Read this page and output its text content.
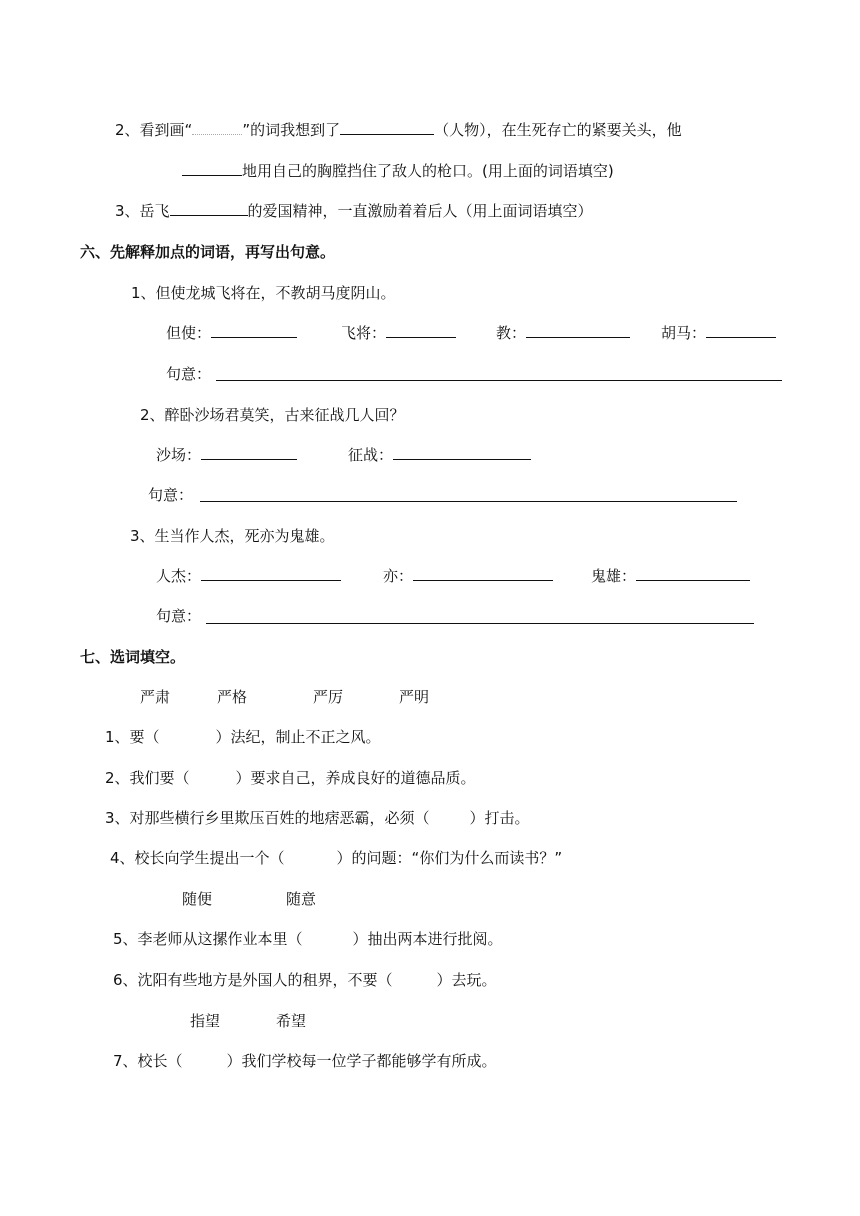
2、看到画“	”的词我想到了	（人物），在生死存亡的紧要关头，他
地用自己的胸膛挡住了敌人的枪口。(用上面的词语填空)
3、岳飞	的爱国精神，一直激励着着后人（用上面词语填空）
六、先解释加点的词语，再写出句意。
1、但使龙城飞将在，不教胡马度阴山。
但使：	飞将：	教：	胡马：
句意：
2、醉卧沙场君莫笑，古来征战几人回？
沙场：	征战：
句意：
3、生当作人杰，死亦为鬼雄。
人杰：	亦：	鬼雄：
句意：
七、选词填空。
严肃	严格	严厉	严明
1、要（	）法纪，制止不正之风。
2、我们要（	）要求自己，养成良好的道德品质。
3、对那些横行乡里欺压百姓的地痞恶霸，必须（	）打击。
4、校长向学生提出一个（	）的问题：“你们为什么而读书？”
随便	随意
5、李老师从这摞作业本里（	）抽出两本进行批阅。
6、沈阳有些地方是外国人的租界，不要（	）去玩。
指望	希望
7、校长（	）我们学校每一位学子都能够学有所成。
